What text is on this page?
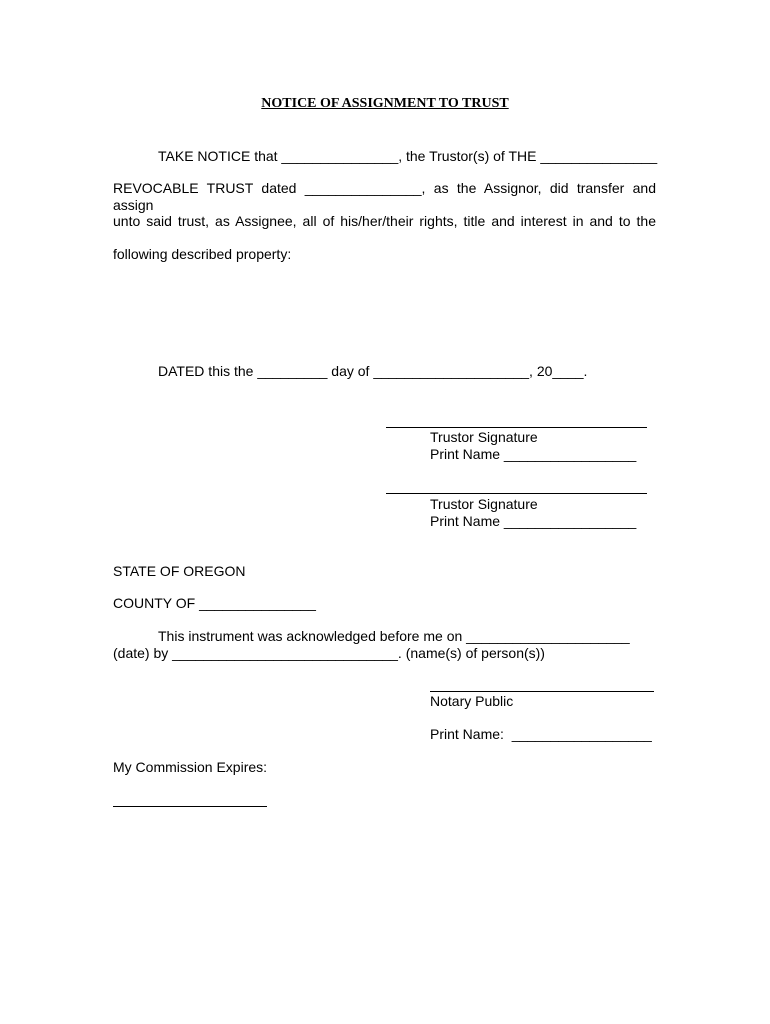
NOTICE OF ASSIGNMENT TO TRUST
TAKE NOTICE that _______________, the Trustor(s) of THE _______________
REVOCABLE TRUST dated _______________, as the Assignor, did transfer and assign
unto said trust, as Assignee, all of his/her/their rights, title and interest in and to the
following described property:
DATED this the _________ day of ____________________, 20____.
Trustor Signature
Print Name _________________
Trustor Signature
Print Name _________________
STATE OF OREGON
COUNTY OF _______________
This instrument was acknowledged before me on _____________________
(date) by _____________________________. (name(s) of person(s))
Notary Public
Print Name:  __________________
My Commission Expires:
